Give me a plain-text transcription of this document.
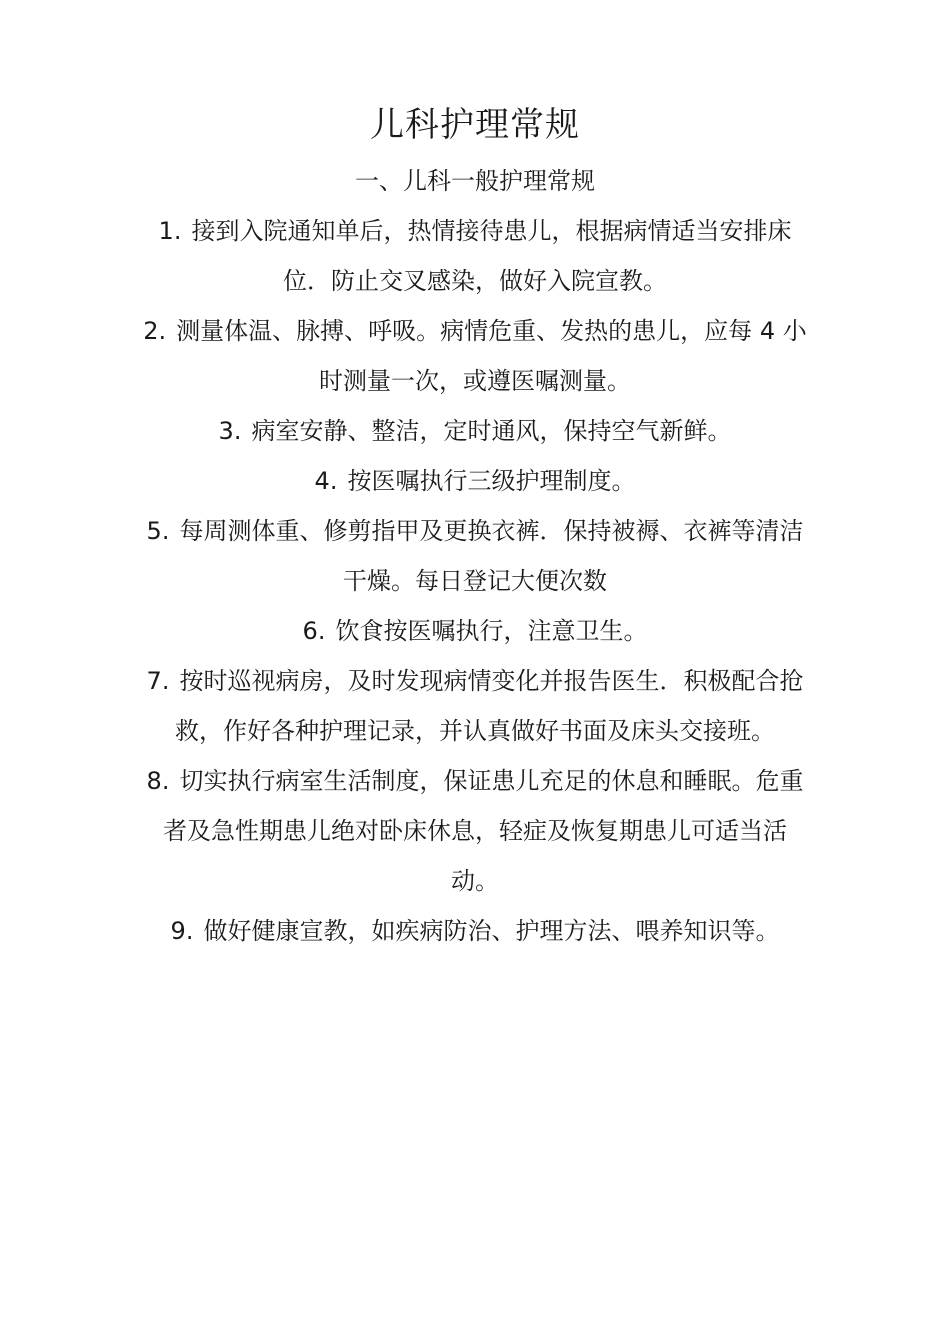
儿科护理常规
一、儿科一般护理常规

1. 接到入院通知单后，热情接待患儿，根据病情适当安排床位．防止交叉感染，做好入院宣教。

2. 测量体温、脉搏、呼吸。病情危重、发热的患儿，应每 4 小时测量一次，或遵医嘱测量。

3. 病室安静、整洁，定时通风，保持空气新鲜。

4. 按医嘱执行三级护理制度。

5. 每周测体重、修剪指甲及更换衣裤．保持被褥、衣裤等清洁干燥。每日登记大便次数

6. 饮食按医嘱执行，注意卫生。

7. 按时巡视病房，及时发现病情变化并报告医生．积极配合抢救，作好各种护理记录，并认真做好书面及床头交接班。

8. 切实执行病室生活制度，保证患儿充足的休息和睡眠。危重者及急性期患儿绝对卧床休息，轻症及恢复期患儿可适当活动。

9. 做好健康宣教，如疾病防治、护理方法、喂养知识等。
